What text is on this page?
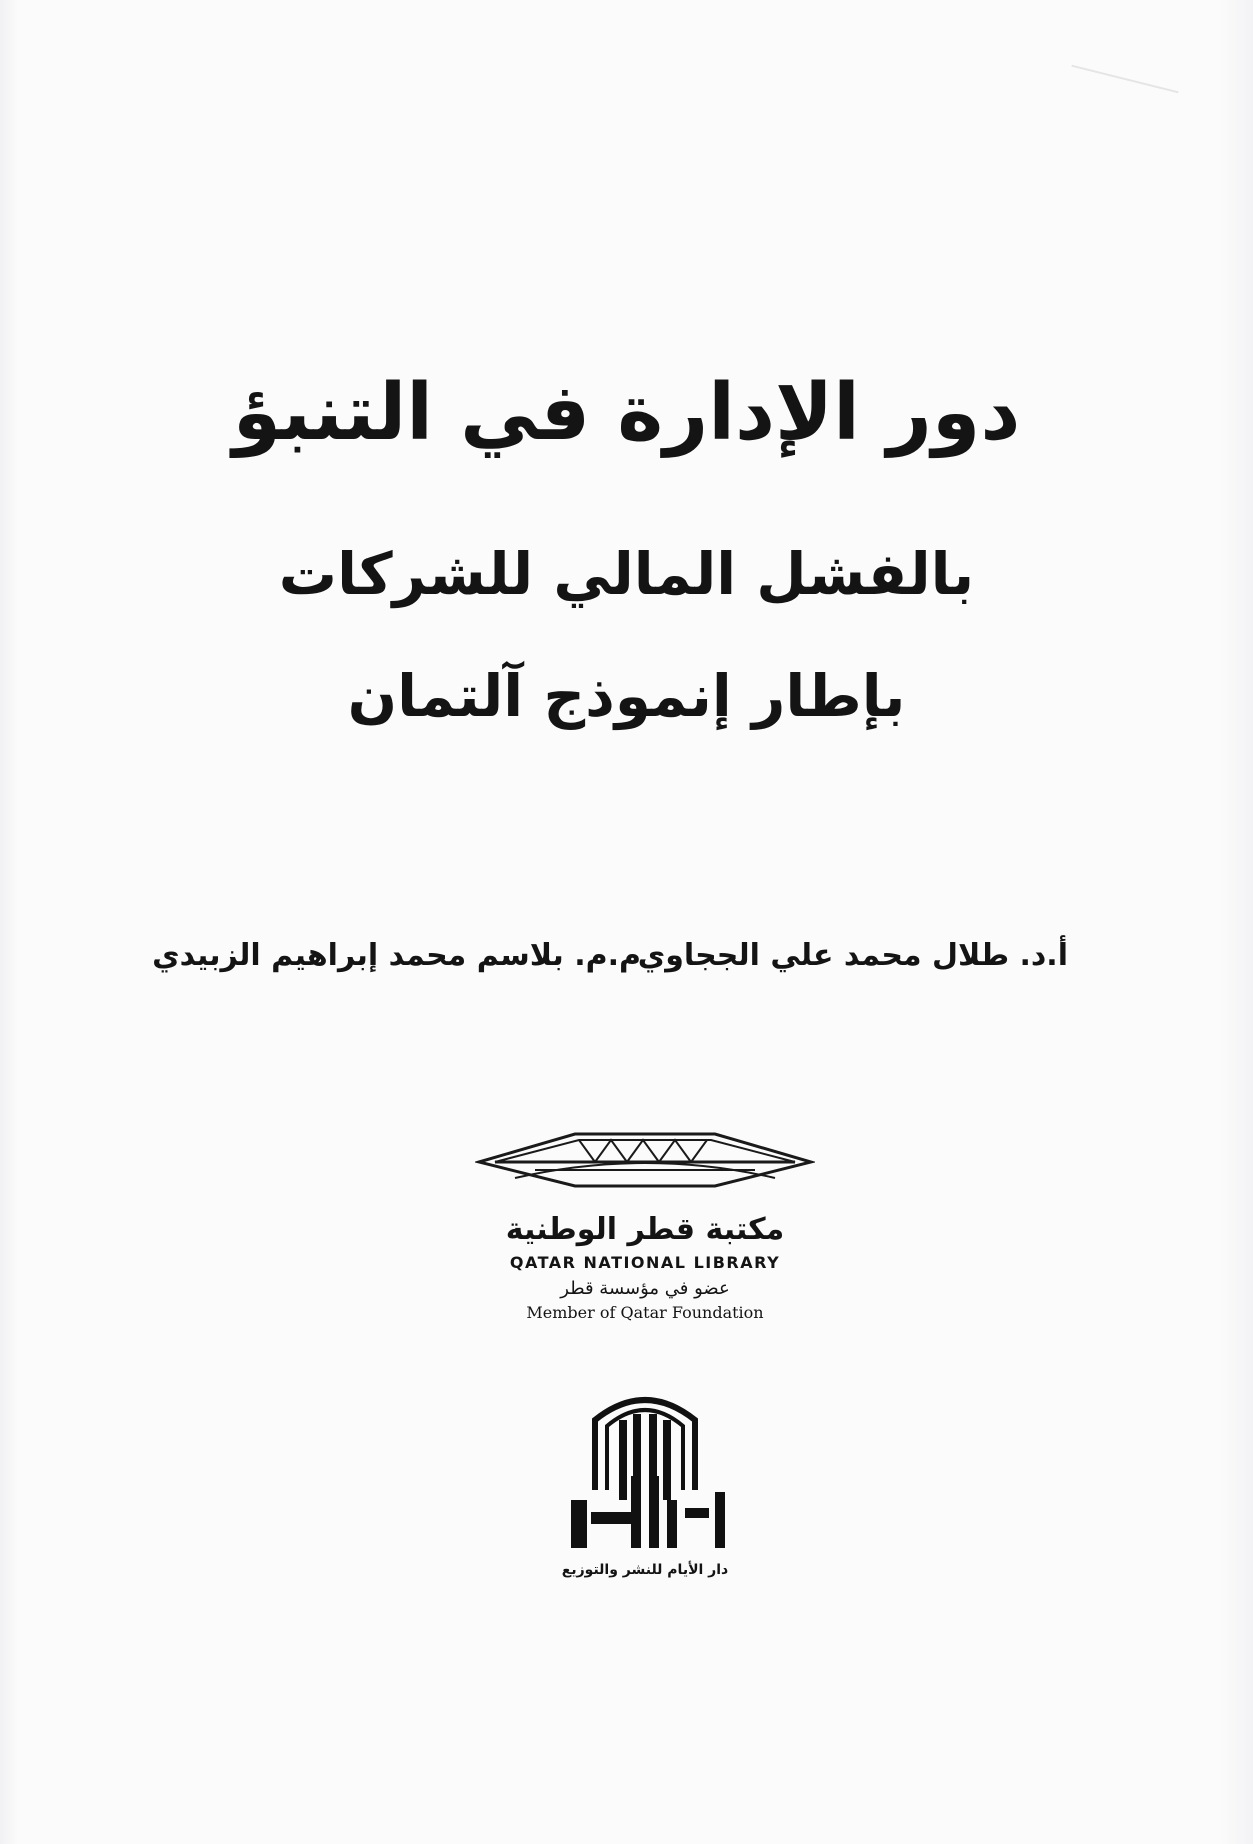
دور الإدارة في التنبؤ
بالفشل المالي للشركات
بإطار إنموذج آلتمان
أ.د. طلال محمد علي الججاوي
م.م. بلاسم محمد إبراهيم الزبيدي
مكتبة قطر الوطنية
QATAR NATIONAL LIBRARY
عضو في مؤسسة قطر
Member of Qatar Foundation
دار الأيام للنشر والتوزيع
